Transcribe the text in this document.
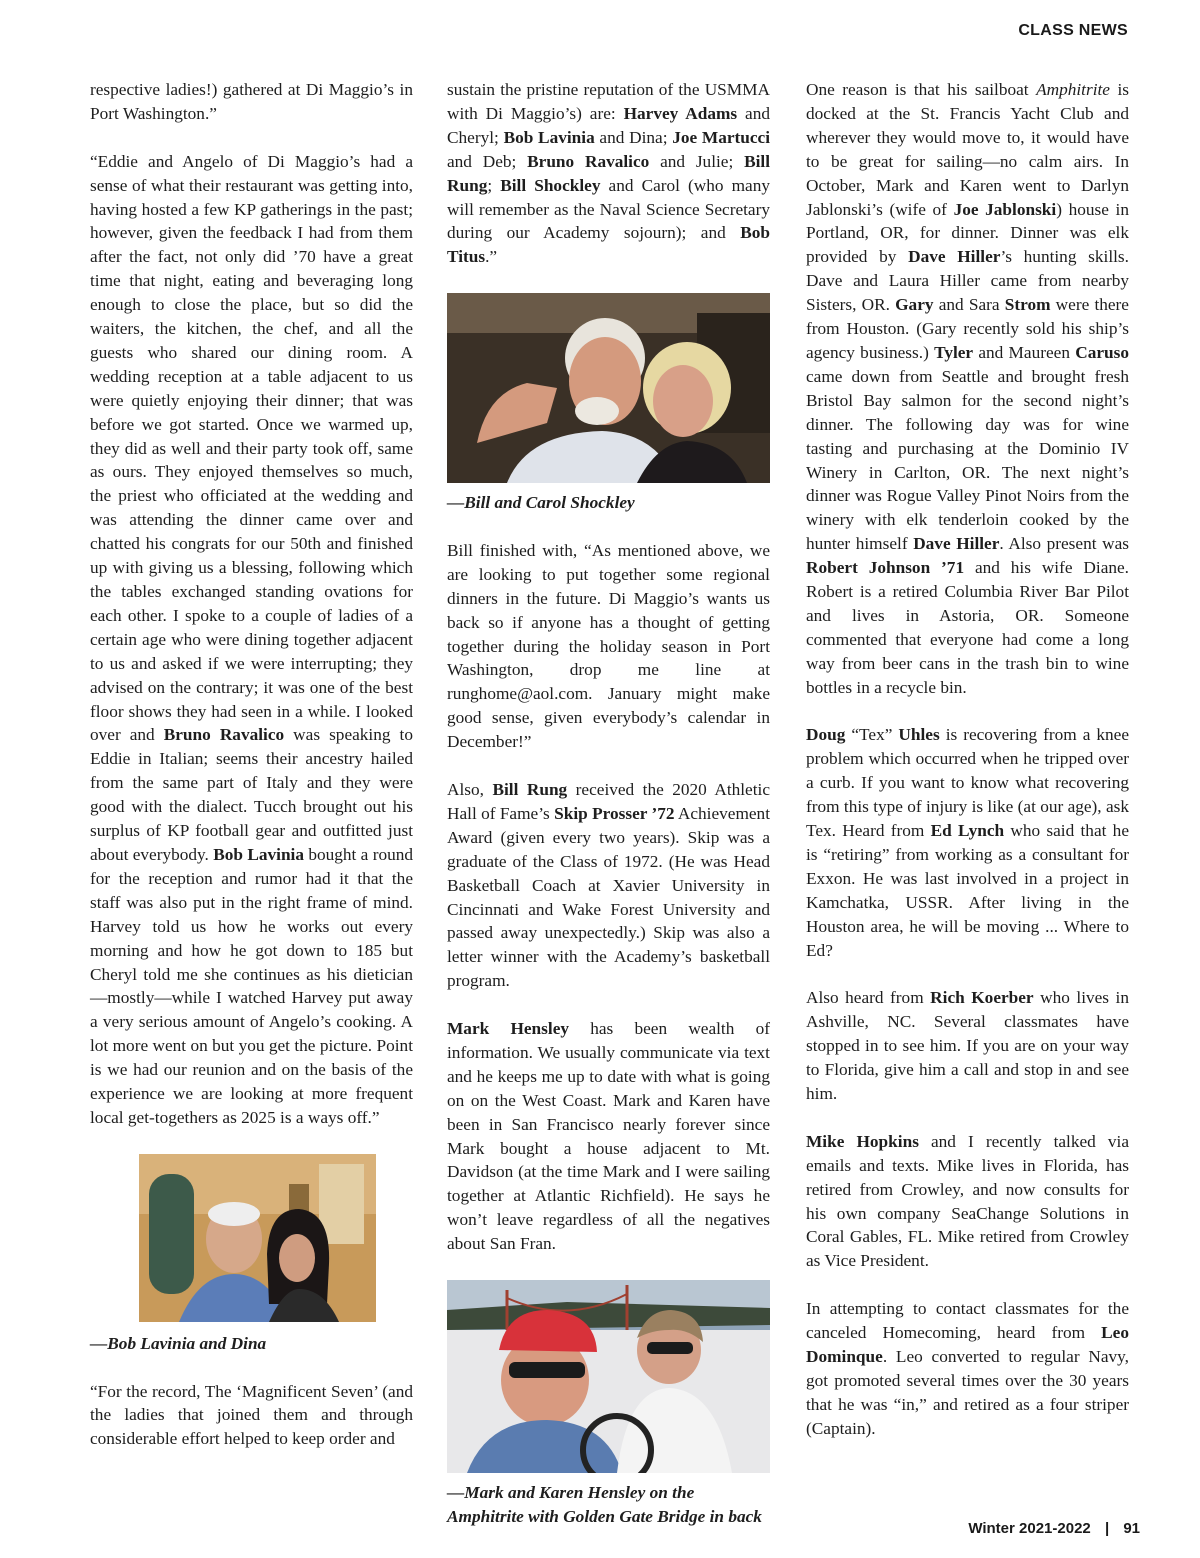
CLASS NEWS

respective ladies!) gathered at Di Maggio’s in Port Washington.”

“Eddie and Angelo of Di Maggio’s had a sense of what their restaurant was getting into, having hosted a few KP gatherings in the past; however, given the feedback I had from them after the fact, not only did ’70 have a great time that night, eating and beveraging long enough to close the place, but so did the waiters, the kitchen, the chef, and all the guests who shared our dining room. A wedding reception at a table adjacent to us were quietly enjoying their dinner; that was before we got started. Once we warmed up, they did as well and their party took off, same as ours. They enjoyed themselves so much, the priest who officiated at the wedding and was attending the dinner came over and chatted his congrats for our 50th and finished up with giving us a blessing, following which the tables exchanged standing ovations for each other. I spoke to a couple of ladies of a certain age who were dining together adjacent to us and asked if we were interrupting; they advised on the contrary; it was one of the best floor shows they had seen in a while. I looked over and Bruno Ravalico was speaking to Eddie in Italian; seems their ancestry hailed from the same part of Italy and they were good with the dialect. Tucch brought out his surplus of KP football gear and outfitted just about everybody. Bob Lavinia bought a round for the reception and rumor had it that the staff was also put in the right frame of mind. Harvey told us how he works out every morning and how he got down to 185 but Cheryl told me she continues as his dietician—mostly—while I watched Harvey put away a very serious amount of Angelo’s cooking. A lot more went on but you get the picture. Point is we had our reunion and on the basis of the experience we are looking at more frequent local get-togethers as 2025 is a ways off.”

—Bob Lavinia and Dina

“For the record, The ‘Magnificent Seven’ (and the ladies that joined them and through considerable effort helped to keep order and

sustain the pristine reputation of the USMMA with Di Maggio’s) are: Harvey Adams and Cheryl; Bob Lavinia and Dina; Joe Martucci and Deb; Bruno Ravalico and Julie; Bill Rung; Bill Shockley and Carol (who many will remember as the Naval Science Secretary during our Academy sojourn); and Bob Titus.”

—Bill and Carol Shockley

Bill finished with, “As mentioned above, we are looking to put together some regional dinners in the future. Di Maggio’s wants us back so if anyone has a thought of getting together during the holiday season in Port Washington, drop me line at runghome@aol.com. January might make good sense, given everybody’s calendar in December!”

Also, Bill Rung received the 2020 Athletic Hall of Fame’s Skip Prosser ’72 Achievement Award (given every two years). Skip was a graduate of the Class of 1972. (He was Head Basketball Coach at Xavier University in Cincinnati and Wake Forest University and passed away unexpectedly.) Skip was also a letter winner with the Academy’s basketball program.

Mark Hensley has been wealth of information. We usually communicate via text and he keeps me up to date with what is going on on the West Coast. Mark and Karen have been in San Francisco nearly forever since Mark bought a house adjacent to Mt. Davidson (at the time Mark and I were sailing together at Atlantic Richfield). He says he won’t leave regardless of all the negatives about San Fran.

—Mark and Karen Hensley on the Amphitrite with Golden Gate Bridge in back

One reason is that his sailboat Amphitrite is docked at the St. Francis Yacht Club and wherever they would move to, it would have to be great for sailing—no calm airs. In October, Mark and Karen went to Darlyn Jablonski’s (wife of Joe Jablonski) house in Portland, OR, for dinner. Dinner was elk provided by Dave Hiller’s hunting skills. Dave and Laura Hiller came from nearby Sisters, OR. Gary and Sara Strom were there from Houston. (Gary recently sold his ship’s agency business.) Tyler and Maureen Caruso came down from Seattle and brought fresh Bristol Bay salmon for the second night’s dinner. The following day was for wine tasting and purchasing at the Dominio IV Winery in Carlton, OR. The next night’s dinner was Rogue Valley Pinot Noirs from the winery with elk tenderloin cooked by the hunter himself Dave Hiller. Also present was Robert Johnson ’71 and his wife Diane. Robert is a retired Columbia River Bar Pilot and lives in Astoria, OR. Someone commented that everyone had come a long way from beer cans in the trash bin to wine bottles in a recycle bin.

Doug “Tex” Uhles is recovering from a knee problem which occurred when he tripped over a curb. If you want to know what recovering from this type of injury is like (at our age), ask Tex. Heard from Ed Lynch who said that he is “retiring” from working as a consultant for Exxon. He was last involved in a project in Kamchatka, USSR. After living in the Houston area, he will be moving ... Where to Ed?

Also heard from Rich Koerber who lives in Ashville, NC. Several classmates have stopped in to see him. If you are on your way to Florida, give him a call and stop in and see him.

Mike Hopkins and I recently talked via emails and texts. Mike lives in Florida, has retired from Crowley, and now consults for his own company SeaChange Solutions in Coral Gables, FL. Mike retired from Crowley as Vice President.

In attempting to contact classmates for the canceled Homecoming, heard from Leo Dominque. Leo converted to regular Navy, got promoted several times over the 30 years that he was “in,” and retired as a four striper (Captain).

Winter 2021-2022 | 91
